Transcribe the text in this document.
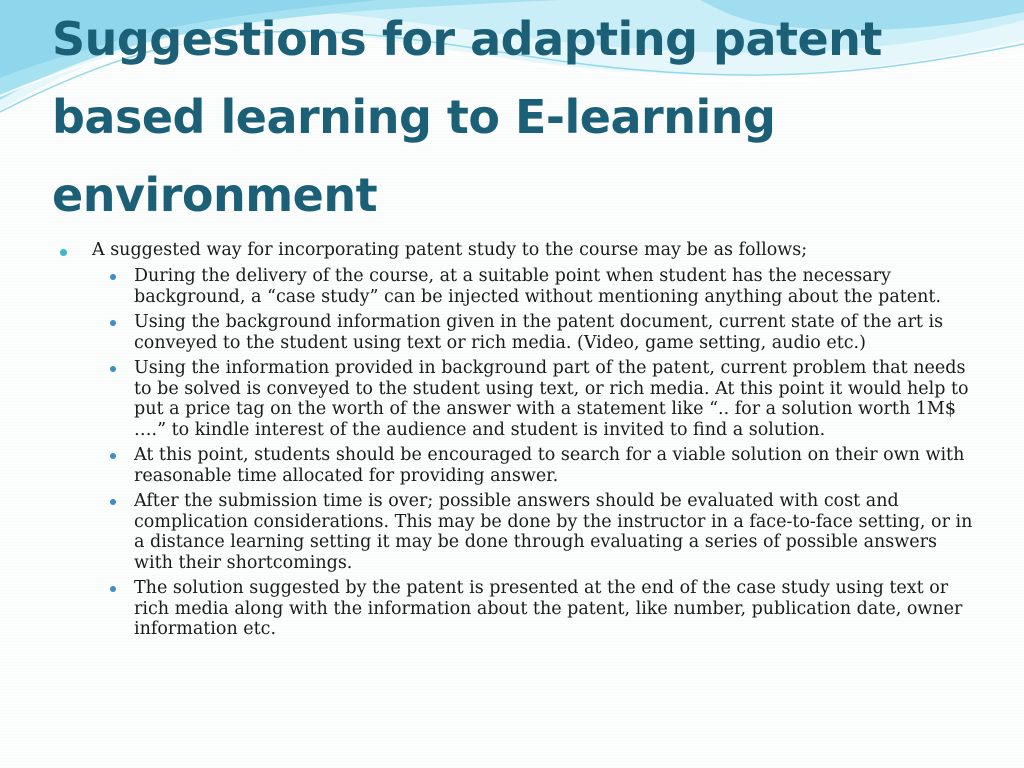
Suggestions for adapting patent based learning to E-learning environment
A suggested way for incorporating patent study to the course may be as follows;
During the delivery of the course, at a suitable point when student has the necessary background, a “case study” can be injected without mentioning anything about the patent.
Using the background information given in the patent document, current state of the art is conveyed to the student using text or rich media. (Video, game setting, audio etc.)
Using the information provided in background part of the patent, current problem that needs to be solved is conveyed to the student using text, or rich media. At this point it would help to put a price tag on the worth of the answer with a statement like “.. for a solution worth 1M$ ….” to kindle interest of the audience and student is invited to find a solution.
At this point, students should be encouraged to search for a viable solution on their own with reasonable time allocated for providing answer.
After the submission time is over; possible answers should be evaluated with cost and complication considerations. This may be done by the instructor in a face-to-face setting, or in a distance learning setting it may be done through evaluating a series of possible answers with their shortcomings.
The solution suggested by the patent is presented at the end of the case study using text or rich media along with the information about the patent, like number, publication date, owner information etc.
